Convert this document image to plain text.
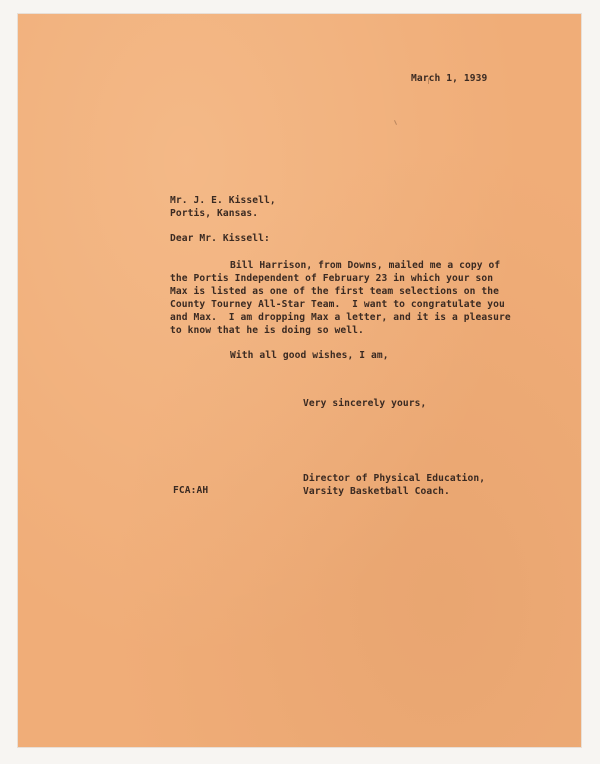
March 1, 1939
Mr. J. E. Kissell,
Portis, Kansas.
Dear Mr. Kissell:
Bill Harrison, from Downs, mailed me a copy of
the Portis Independent of February 23 in which your son
Max is listed as one of the first team selections on the
County Tourney All-Star Team.  I want to congratulate you
and Max.  I am dropping Max a letter, and it is a pleasure
to know that he is doing so well.
With all good wishes, I am,
Very sincerely yours,
FCA:AH
Director of Physical Education,
Varsity Basketball Coach.
